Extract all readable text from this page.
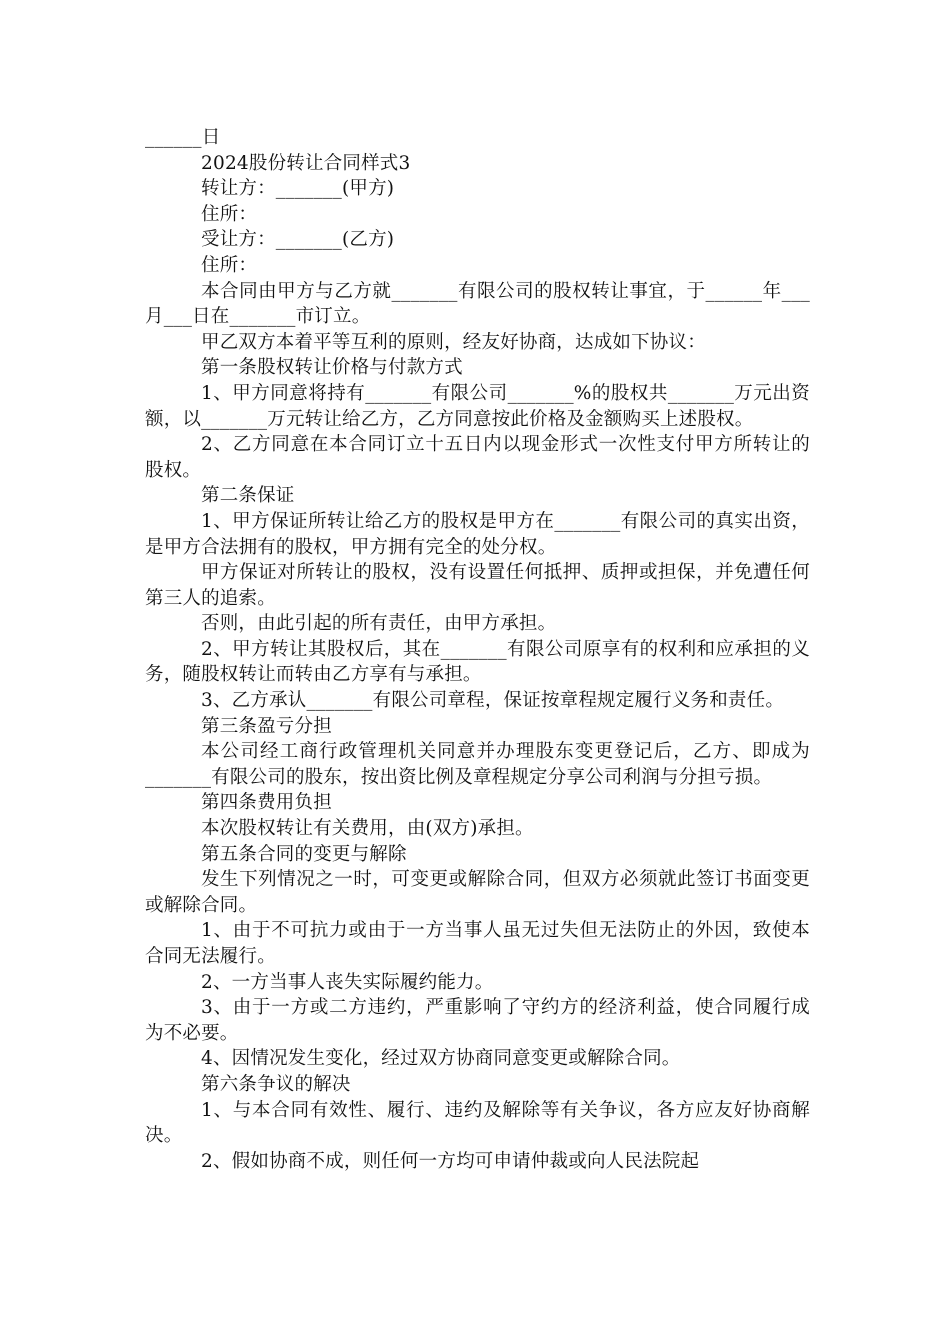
______日

2024股份转让合同样式3

转让方：_______(甲方)

住所：

受让方：_______(乙方)

住所：

本合同由甲方与乙方就_______有限公司的股权转让事宜，于______年___月___日在_______市订立。

甲乙双方本着平等互利的原则，经友好协商，达成如下协议：

第一条股权转让价格与付款方式

1、甲方同意将持有_______有限公司_______%的股权共_______万元出资额，以_______万元转让给乙方，乙方同意按此价格及金额购买上述股权。

2、乙方同意在本合同订立十五日内以现金形式一次性支付甲方所转让的股权。

第二条保证

1、甲方保证所转让给乙方的股权是甲方在_______有限公司的真实出资，是甲方合法拥有的股权，甲方拥有完全的处分权。

甲方保证对所转让的股权，没有设置任何抵押、质押或担保，并免遭任何第三人的追索。

否则，由此引起的所有责任，由甲方承担。

2、甲方转让其股权后，其在_______有限公司原享有的权利和应承担的义务，随股权转让而转由乙方享有与承担。

3、乙方承认_______有限公司章程，保证按章程规定履行义务和责任。

第三条盈亏分担

本公司经工商行政管理机关同意并办理股东变更登记后，乙方、即成为_______有限公司的股东，按出资比例及章程规定分享公司利润与分担亏损。

第四条费用负担

本次股权转让有关费用，由(双方)承担。

第五条合同的变更与解除

发生下列情况之一时，可变更或解除合同，但双方必须就此签订书面变更或解除合同。

1、由于不可抗力或由于一方当事人虽无过失但无法防止的外因，致使本合同无法履行。

2、一方当事人丧失实际履约能力。

3、由于一方或二方违约，严重影响了守约方的经济利益，使合同履行成为不必要。

4、因情况发生变化，经过双方协商同意变更或解除合同。

第六条争议的解决

1、与本合同有效性、履行、违约及解除等有关争议，各方应友好协商解决。

2、假如协商不成，则任何一方均可申请仲裁或向人民法院起
